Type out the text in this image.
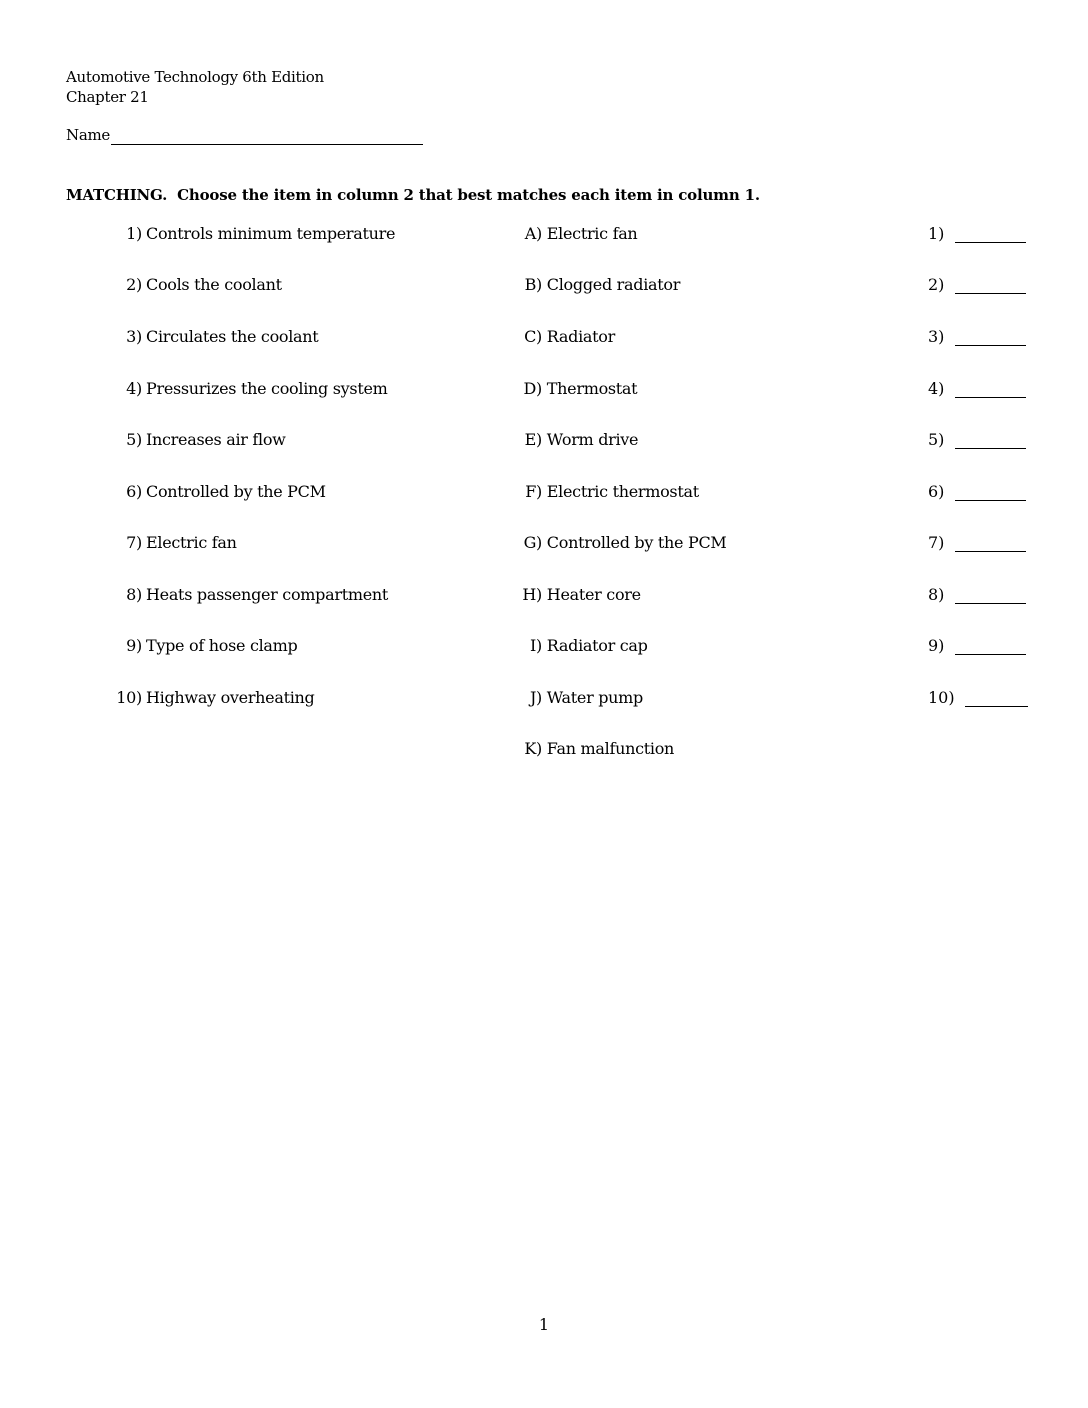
Automotive Technology 6th Edition
Chapter 21
Name
MATCHING.  Choose the item in column 2 that best matches each item in column 1.
1) Controls minimum temperature
2) Cools the coolant
3) Circulates the coolant
4) Pressurizes the cooling system
5) Increases air flow
6) Controlled by the PCM
7) Electric fan
8) Heats passenger compartment
9) Type of hose clamp
10) Highway overheating
A) Electric fan
B) Clogged radiator
C) Radiator
D) Thermostat
E) Worm drive
F) Electric thermostat
G) Controlled by the PCM
H) Heater core
I) Radiator cap
J) Water pump
K) Fan malfunction
1)
2)
3)
4)
5)
6)
7)
8)
9)
10)
1
